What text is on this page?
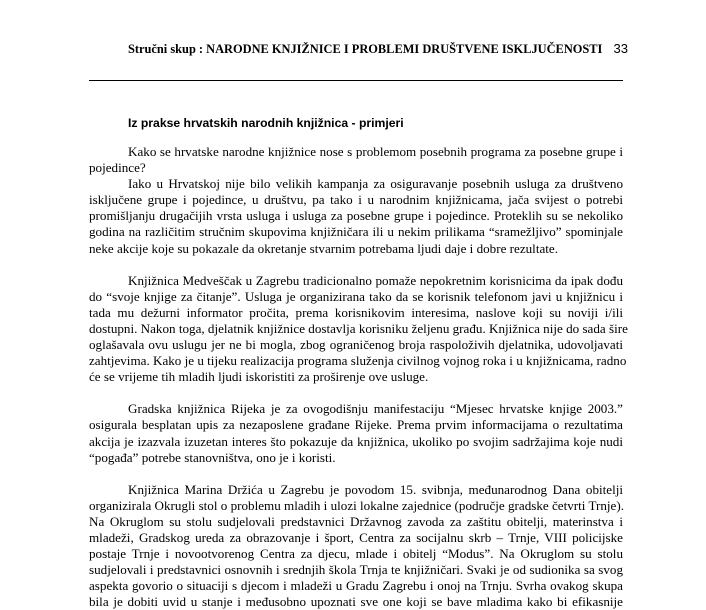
Stručni skup : NARODNE KNJIŽNICE I PROBLEMI DRUŠTVENE ISKLJUČENOSTI 33
Iz prakse hrvatskih narodnih knjižnica - primjeri

Kako se hrvatske narodne knjižnice nose s problemom posebnih programa za posebne grupe i
pojedince?

Iako u Hrvatskoj nije bilo velikih kampanja za osiguravanje posebnih usluga za društveno
isključene grupe i pojedince, u društvu, pa tako i u narodnim knjižnicama, jača svijest o potrebi
promišljanju drugačijih vrsta usluga i usluga za posebne grupe i pojedince. Proteklih su se nekoliko
godina na različitim stručnim skupovima knjižničara ili u nekim prilikama “sramežljivo” spominjale
neke akcije koje su pokazale da okretanje stvarnim potrebama ljudi daje i dobre rezultate.

Knjižnica Medveščak u Zagrebu tradicionalno pomaže nepokretnim korisnicima da ipak dođu
do “svoje knjige za čitanje”. Usluga je organizirana tako da se korisnik telefonom javi u knjižnicu i
tada mu dežurni informator pročita, prema korisnikovim interesima, naslove koji su noviji i/ili
dostupni. Nakon toga, djelatnik knjižnice dostavlja korisniku željenu građu. Knjižnica nije do sada šire
oglašavala ovu uslugu jer ne bi mogla, zbog ograničenog broja raspoloživih djelatnika, udovoljavati
zahtjevima. Kako je u tijeku realizacija programa služenja civilnog vojnog roka i u knjižnicama, radno
će se vrijeme tih mladih ljudi iskoristiti za proširenje ove usluge.

Gradska knjižnica Rijeka je za ovogodišnju manifestaciju “Mjesec hrvatske knjige 2003.”
osigurala besplatan upis za nezaposlene građane Rijeke. Prema prvim informacijama o rezultatima
akcija je izazvala izuzetan interes što pokazuje da knjižnica, ukoliko po svojim sadržajima koje nudi
“pogađa” potrebe stanovništva, ono je i koristi.

Knjižnica Marina Držića u Zagrebu je povodom 15. svibnja, međunarodnog Dana obitelji
organizirala Okrugli stol o problemu mladih i ulozi lokalne zajednice (područje gradske četvrti Trnje).
Na Okruglom su stolu sudjelovali predstavnici Državnog zavoda za zaštitu obitelji, materinstva i
mladeži, Gradskog ureda za obrazovanje i šport, Centra za socijalnu skrb – Trnje, VIII policijske
postaje Trnje i novootvorenog Centra za djecu, mlade i obitelj “Modus”. Na Okruglom su stolu
sudjelovali i predstavnici osnovnih i srednjih škola Trnja te knjižničari. Svaki je od sudionika sa svog
aspekta govorio o situaciji s djecom i mladeži u Gradu Zagrebu i onoj na Trnju. Svrha ovakog skupa
bila je dobiti uvid u stanje i međusobno upoznati sve one koji se bave mladima kako bi efikasnije
